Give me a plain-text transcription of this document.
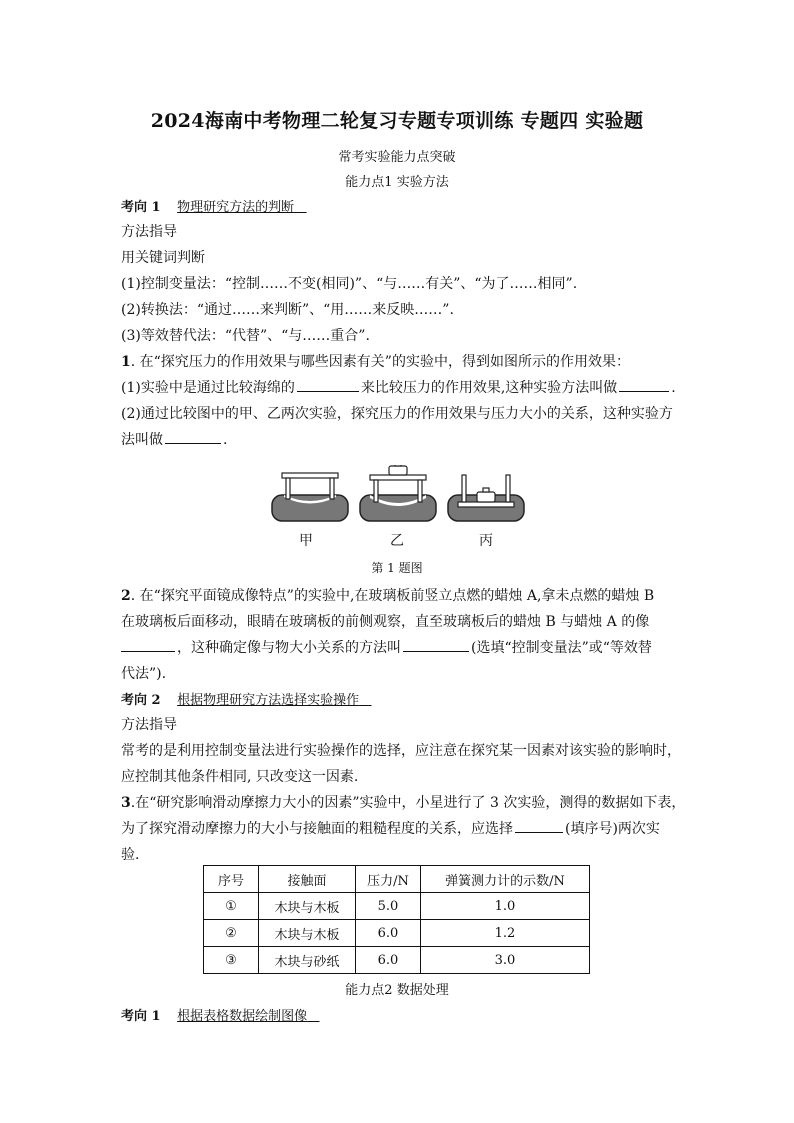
2024海南中考物理二轮复习专题专项训练 专题四 实验题
常考实验能力点突破
能力点1 实验方法
考向 1 物理研究方法的判断
方法指导
用关键词判断
(1)控制变量法：“控制……不变(相同)”、“与……有关”、“为了……相同”.
(2)转换法：“通过……来判断”、“用……来反映……”.
(3)等效替代法：“代替”、“与……重合”.
1. 在“探究压力的作用效果与哪些因素有关”的实验中，得到如图所示的作用效果：
(1)实验中是通过比较海绵的	来比较压力的作用效果,这种实验方法叫做	.
(2)通过比较图中的甲、乙两次实验，探究压力的作用效果与压力大小的关系，这种实验方
法叫做	.
甲	乙	丙
第 1 题图
2. 在“探究平面镜成像特点”的实验中,在玻璃板前竖立点燃的蜡烛 A,拿未点燃的蜡烛 B
在玻璃板后面移动，眼睛在玻璃板的前侧观察，直至玻璃板后的蜡烛 B 与蜡烛 A 的像
，这种确定像与物大小关系的方法叫	(选填“控制变量法”或“等效替
代法”).
考向 2 根据物理研究方法选择实验操作
方法指导
常考的是利用控制变量法进行实验操作的选择，应注意在探究某一因素对该实验的影响时，
应控制其他条件相同, 只改变这一因素.
3.在“研究影响滑动摩擦力大小的因素”实验中，小星进行了 3 次实验，测得的数据如下表，
为了探究滑动摩擦力的大小与接触面的粗糙程度的关系，应选择	(填序号)两次实
验.
序号	接触面	压力/N	弹簧测力计的示数/N
①	木块与木板	5.0	1.0
②	木块与木板	6.0	1.2
③	木块与砂纸	6.0	3.0
能力点2 数据处理
考向 1 根据表格数据绘制图像
